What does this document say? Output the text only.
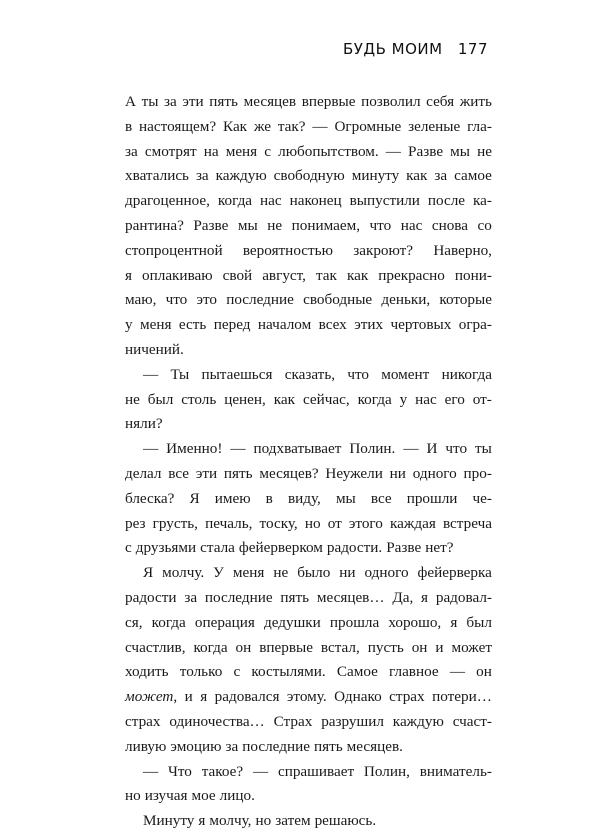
БУДЬ МОИМ 177
А ты за эти пять месяцев впервые позволил себя жить
в настоящем? Как же так? — Огромные зеленые гла-
за смотрят на меня с любопытством. — Разве мы не
хватались за каждую свободную минуту как за самое
драгоценное, когда нас наконец выпустили после ка-
рантина? Разве мы не понимаем, что нас снова со
стопроцентной вероятностью закроют? Наверно,
я оплакиваю свой август, так как прекрасно пони-
маю, что это последние свободные деньки, которые
у меня есть перед началом всех этих чертовых огра-
ничений.
— Ты пытаешься сказать, что момент никогда
не был столь ценен, как сейчас, когда у нас его от-
няли?
— Именно! — подхватывает Полин. — И что ты
делал все эти пять месяцев? Неужели ни одного про-
блеска? Я имею в виду, мы все прошли че-
рез грусть, печаль, тоску, но от этого каждая встреча
с друзьями стала фейерверком радости. Разве нет?
Я молчу. У меня не было ни одного фейерверка
радости за последние пять месяцев… Да, я радовал-
ся, когда операция дедушки прошла хорошо, я был
счастлив, когда он впервые встал, пусть он и может
ходить только с костылями. Самое главное — он
может, и я радовался этому. Однако страх потери…
страх одиночества… Страх разрушил каждую счаст-
ливую эмоцию за последние пять месяцев.
— Что такое? — спрашивает Полин, вниматель-
но изучая мое лицо.
Минуту я молчу, но затем решаюсь.
